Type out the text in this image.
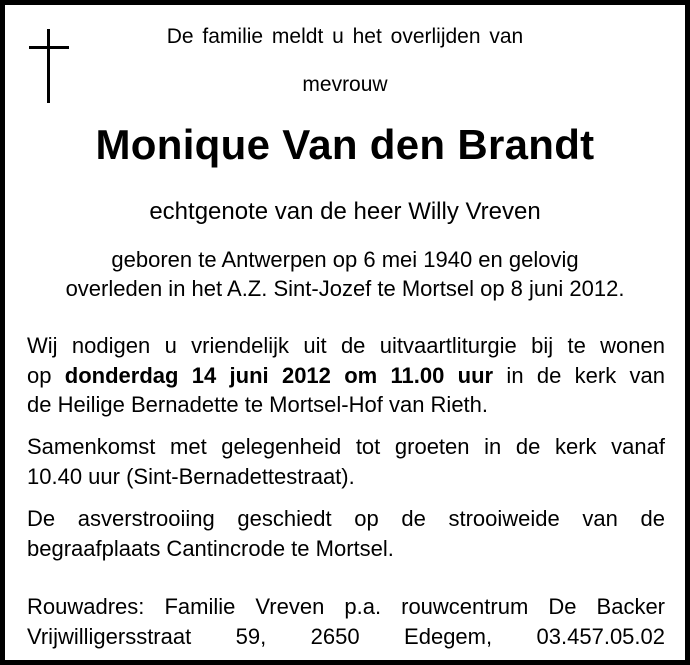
De familie meldt u het overlijden van
mevrouw
Monique Van den Brandt
echtgenote van de heer Willy Vreven
geboren te Antwerpen op 6 mei 1940 en gelovig
overleden in het A.Z. Sint-Jozef te Mortsel op 8 juni 2012.
Wij nodigen u vriendelijk uit de uitvaartliturgie bij te wonen
op donderdag 14 juni 2012 om 11.00 uur in de kerk van
de Heilige Bernadette te Mortsel-Hof van Rieth.
Samenkomst met gelegenheid tot groeten in de kerk vanaf
10.40 uur (Sint-Bernadettestraat).
De asverstrooiing geschiedt op de strooiweide van de
begraafplaats Cantincrode te Mortsel.
Rouwadres: Familie Vreven p.a. rouwcentrum De Backer
Vrijwilligersstraat 59, 2650 Edegem, 03.457.05.02
